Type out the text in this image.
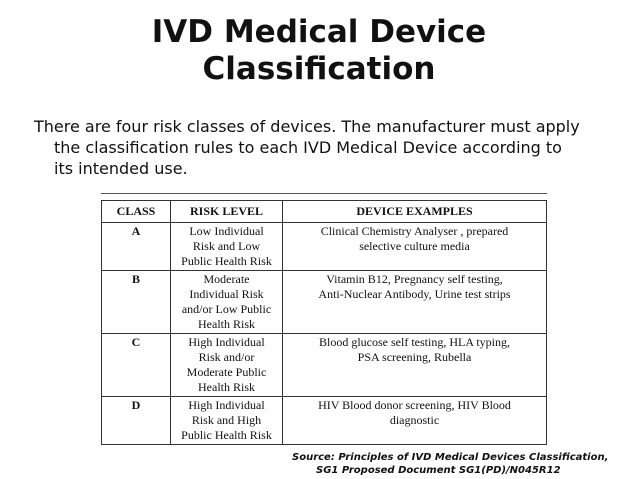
IVD Medical Device
Classification
There are four risk classes of devices. The manufacturer must apply
the classification rules to each IVD Medical Device according to
its intended use.
CLASS	RISK LEVEL	DEVICE EXAMPLES
A	Low Individual
Risk and Low
Public Health Risk	Clinical Chemistry Analyser , prepared
selective culture media

B	Moderate
Individual Risk
and/or Low Public
Health Risk	Vitamin B12, Pregnancy self testing,
Anti-Nuclear Antibody, Urine test strips

C	High Individual
Risk and/or
Moderate Public
Health Risk	Blood glucose self testing, HLA typing,
PSA screening, Rubella

D	High Individual
Risk and High
Public Health Risk	HIV Blood donor screening, HIV Blood
diagnostic
Source: Principles of IVD Medical Devices Classification,
SG1 Proposed Document SG1(PD)/N045R12
